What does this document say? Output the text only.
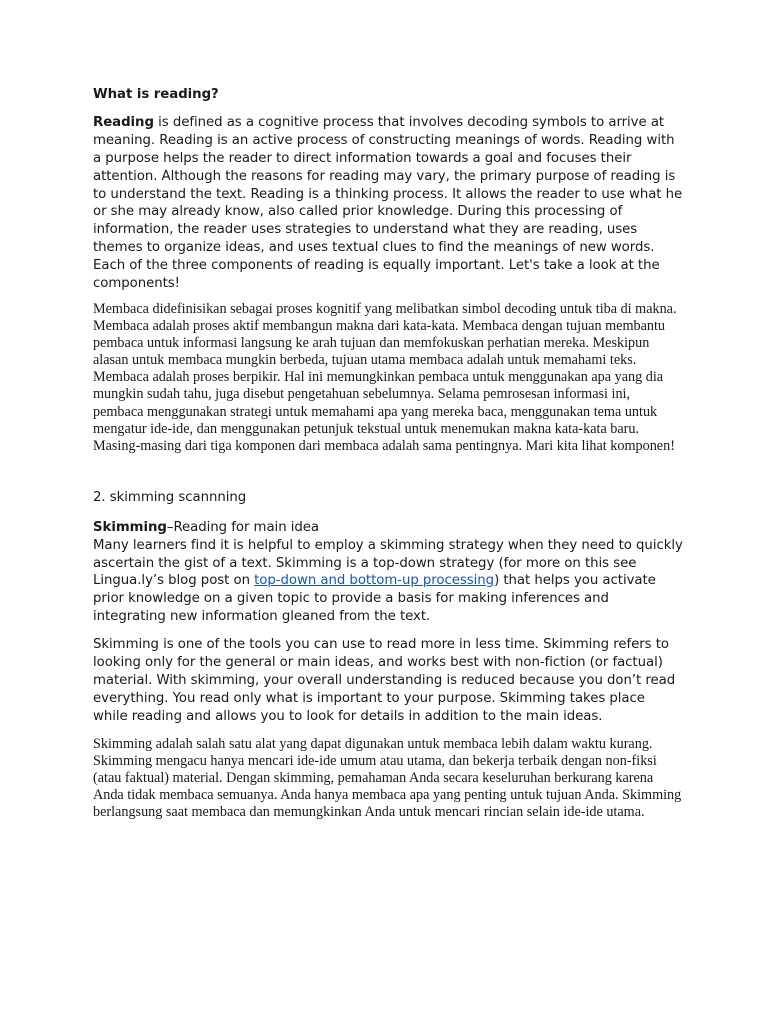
What is reading?

Reading is defined as a cognitive process that involves decoding symbols to arrive at meaning. Reading is an active process of constructing meanings of words. Reading with a purpose helps the reader to direct information towards a goal and focuses their attention. Although the reasons for reading may vary, the primary purpose of reading is to understand the text. Reading is a thinking process. It allows the reader to use what he or she may already know, also called prior knowledge. During this processing of information, the reader uses strategies to understand what they are reading, uses themes to organize ideas, and uses textual clues to find the meanings of new words. Each of the three components of reading is equally important. Let's take a look at the components!

Membaca didefinisikan sebagai proses kognitif yang melibatkan simbol decoding untuk tiba di makna. Membaca adalah proses aktif membangun makna dari kata-kata. Membaca dengan tujuan membantu pembaca untuk informasi langsung ke arah tujuan dan memfokuskan perhatian mereka. Meskipun alasan untuk membaca mungkin berbeda, tujuan utama membaca adalah untuk memahami teks. Membaca adalah proses berpikir. Hal ini memungkinkan pembaca untuk menggunakan apa yang dia mungkin sudah tahu, juga disebut pengetahuan sebelumnya. Selama pemrosesan informasi ini, pembaca menggunakan strategi untuk memahami apa yang mereka baca, menggunakan tema untuk mengatur ide-ide, dan menggunakan petunjuk tekstual untuk menemukan makna kata-kata baru. Masing-masing dari tiga komponen dari membaca adalah sama pentingnya. Mari kita lihat komponen!

2. skimming scannning

Skimming–Reading for main idea
Many learners find it is helpful to employ a skimming strategy when they need to quickly ascertain the gist of a text. Skimming is a top-down strategy (for more on this see Lingua.ly’s blog post on top-down and bottom-up processing) that helps you activate prior knowledge on a given topic to provide a basis for making inferences and integrating new information gleaned from the text.

Skimming is one of the tools you can use to read more in less time. Skimming refers to looking only for the general or main ideas, and works best with non-fiction (or factual) material. With skimming, your overall understanding is reduced because you don’t read everything. You read only what is important to your purpose. Skimming takes place while reading and allows you to look for details in addition to the main ideas.

Skimming adalah salah satu alat yang dapat digunakan untuk membaca lebih dalam waktu kurang. Skimming mengacu hanya mencari ide-ide umum atau utama, dan bekerja terbaik dengan non-fiksi (atau faktual) material. Dengan skimming, pemahaman Anda secara keseluruhan berkurang karena Anda tidak membaca semuanya. Anda hanya membaca apa yang penting untuk tujuan Anda. Skimming berlangsung saat membaca dan memungkinkan Anda untuk mencari rincian selain ide-ide utama.
